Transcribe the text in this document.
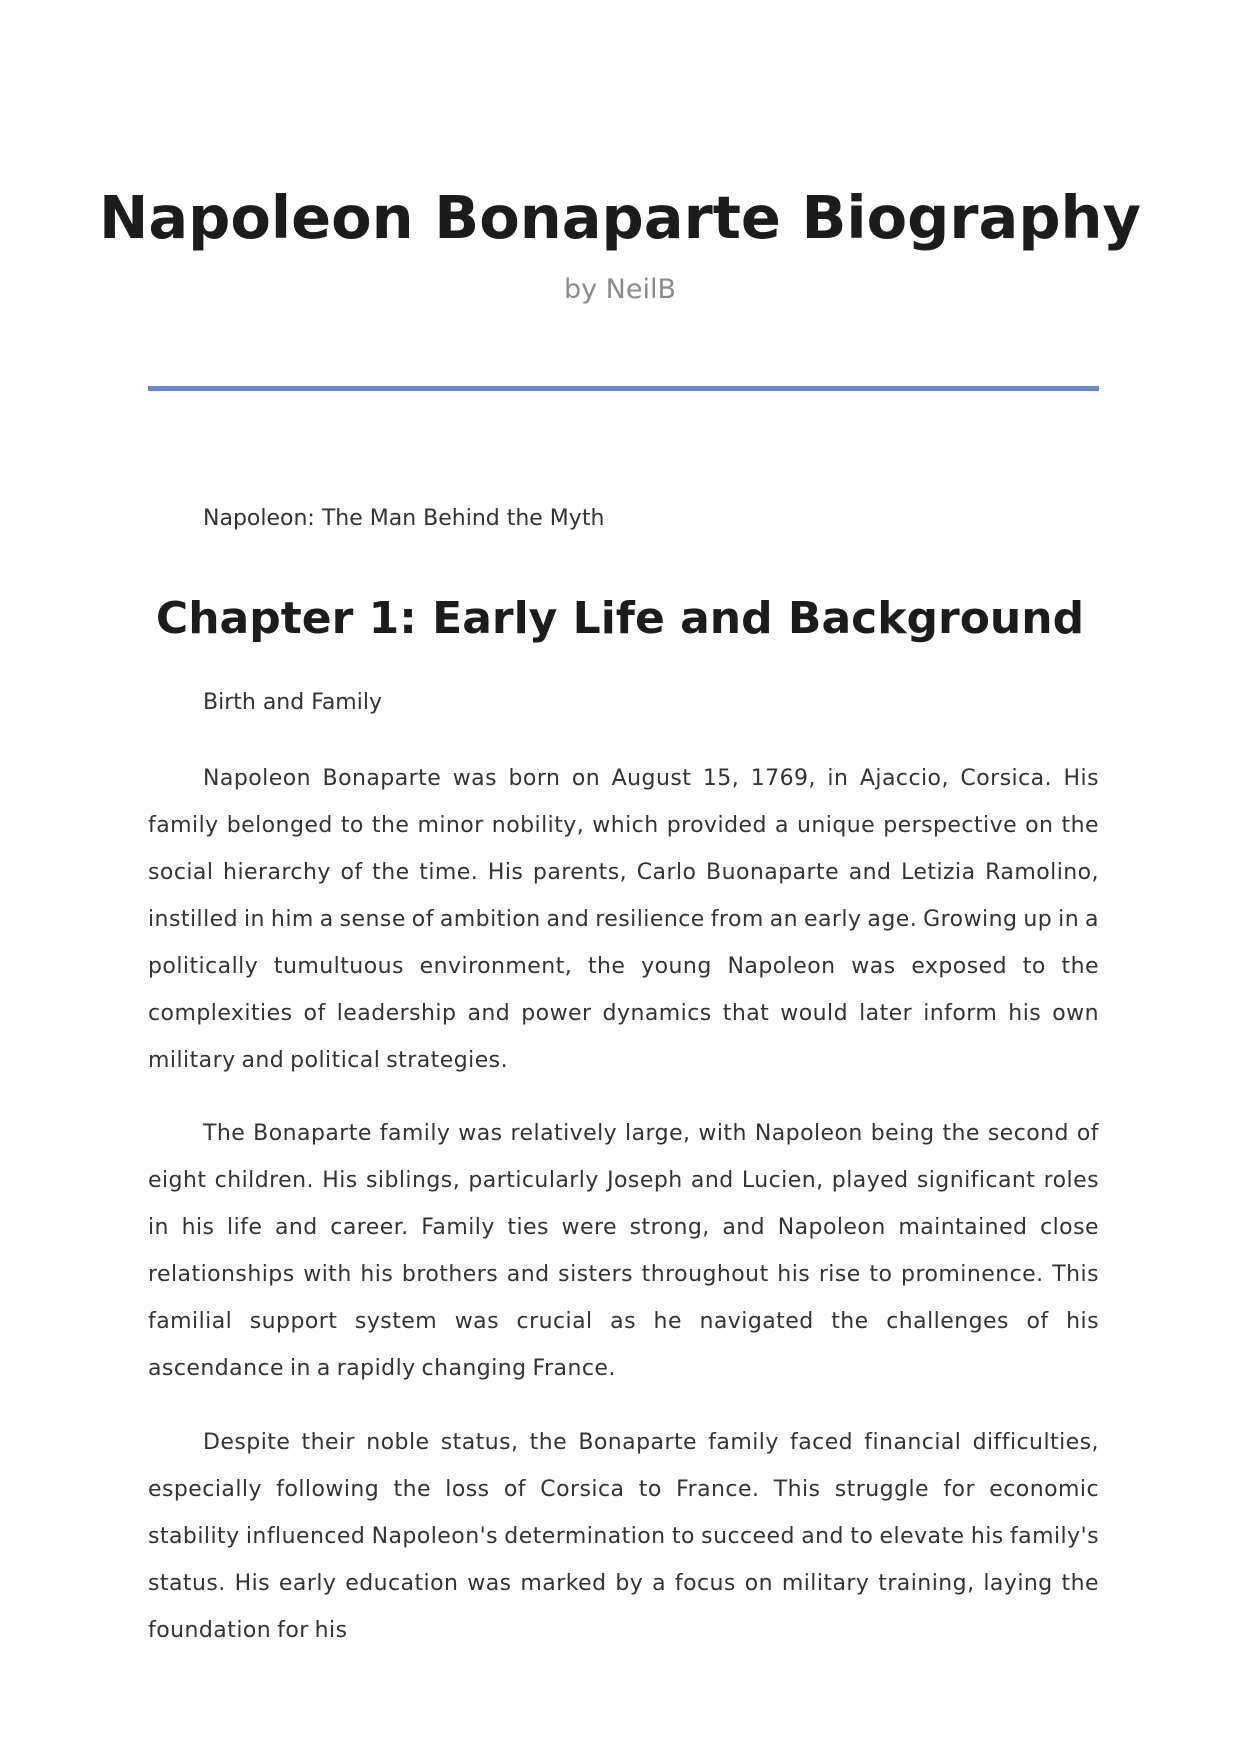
Napoleon Bonaparte Biography
by NeilB

Napoleon: The Man Behind the Myth

Chapter 1: Early Life and Background

Birth and Family

Napoleon Bonaparte was born on August 15, 1769, in Ajaccio, Corsica. His family belonged to the minor nobility, which provided a unique perspective on the social hierarchy of the time. His parents, Carlo Buonaparte and Letizia Ramolino, instilled in him a sense of ambition and resilience from an early age. Growing up in a politically tumultuous environment, the young Napoleon was exposed to the complexities of leadership and power dynamics that would later inform his own military and political strategies.

The Bonaparte family was relatively large, with Napoleon being the second of eight children. His siblings, particularly Joseph and Lucien, played significant roles in his life and career. Family ties were strong, and Napoleon maintained close relationships with his brothers and sisters throughout his rise to prominence. This familial support system was crucial as he navigated the challenges of his ascendance in a rapidly changing France.

Despite their noble status, the Bonaparte family faced financial difficulties, especially following the loss of Corsica to France. This struggle for economic stability influenced Napoleon's determination to succeed and to elevate his family's status. His early education was marked by a focus on military training, laying the foundation for his
